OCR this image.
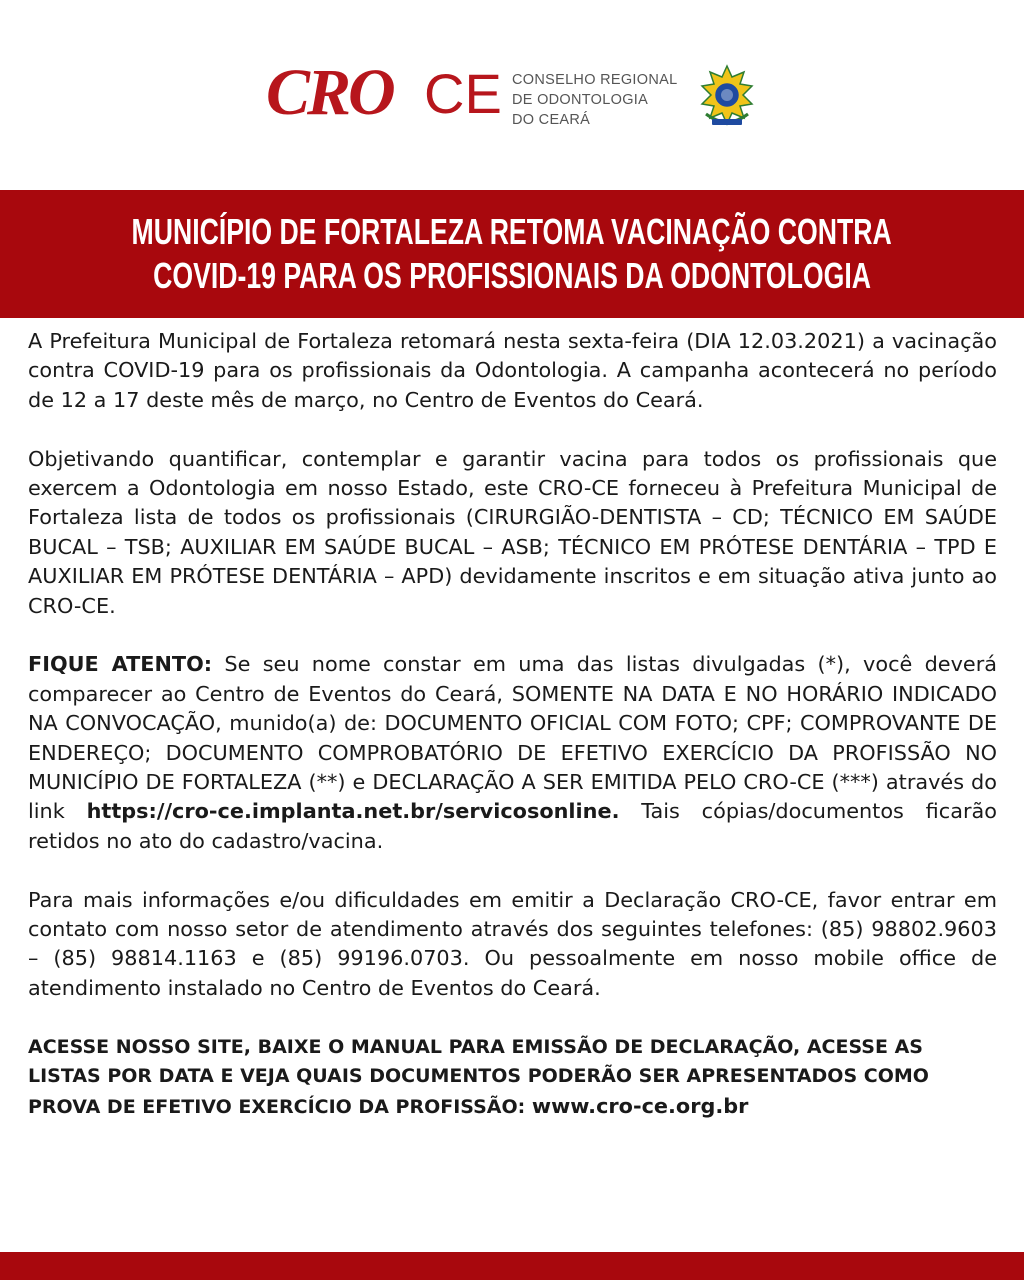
CRO CE CONSELHO REGIONAL
DE ODONTOLOGIA
DO CEARÁ
MUNICÍPIO DE FORTALEZA RETOMA VACINAÇÃO CONTRA
COVID-19 PARA OS PROFISSIONAIS DA ODONTOLOGIA

A Prefeitura Municipal de Fortaleza retomará nesta sexta-feira (DIA 12.03.2021) a vacinação contra COVID-19 para os profissionais da Odontologia. A campanha acontecerá no período de 12 a 17 deste mês de março, no Centro de Eventos do Ceará.

Objetivando quantificar, contemplar e garantir vacina para todos os profissionais que exercem a Odontologia em nosso Estado, este CRO-CE forneceu à Prefeitura Municipal de Fortaleza lista de todos os profissionais (CIRURGIÃO-DENTISTA – CD; TÉCNICO EM SAÚDE BUCAL – TSB; AUXILIAR EM SAÚDE BUCAL – ASB; TÉCNICO EM PRÓTESE DENTÁRIA – TPD E AUXILIAR EM PRÓTESE DENTÁRIA – APD) devidamente inscritos e em situação ativa junto ao CRO-CE.

FIQUE ATENTO: Se seu nome constar em uma das listas divulgadas (*), você deverá comparecer ao Centro de Eventos do Ceará, SOMENTE NA DATA E NO HORÁRIO INDICADO NA CONVOCAÇÃO, munido(a) de: DOCUMENTO OFICIAL COM FOTO; CPF; COMPROVANTE DE ENDEREÇO; DOCUMENTO COMPROBATÓRIO DE EFETIVO EXERCÍCIO DA PROFISSÃO NO MUNICÍPIO DE FORTALEZA (**) e DECLARAÇÃO A SER EMITIDA PELO CRO-CE (***) através do link https://cro-ce.implanta.net.br/servicosonline. Tais cópias/documentos ficarão retidos no ato do cadastro/vacina.

Para mais informações e/ou dificuldades em emitir a Declaração CRO-CE, favor entrar em contato com nosso setor de atendimento através dos seguintes telefones: (85) 98802.9603 – (85) 98814.1163 e (85) 99196.0703. Ou pessoalmente em nosso mobile office de atendimento instalado no Centro de Eventos do Ceará.

ACESSE NOSSO SITE, BAIXE O MANUAL PARA EMISSÃO DE DECLARAÇÃO, ACESSE AS LISTAS POR DATA E VEJA QUAIS DOCUMENTOS PODERÃO SER APRESENTADOS COMO PROVA DE EFETIVO EXERCÍCIO DA PROFISSÃO: www.cro-ce.org.br
